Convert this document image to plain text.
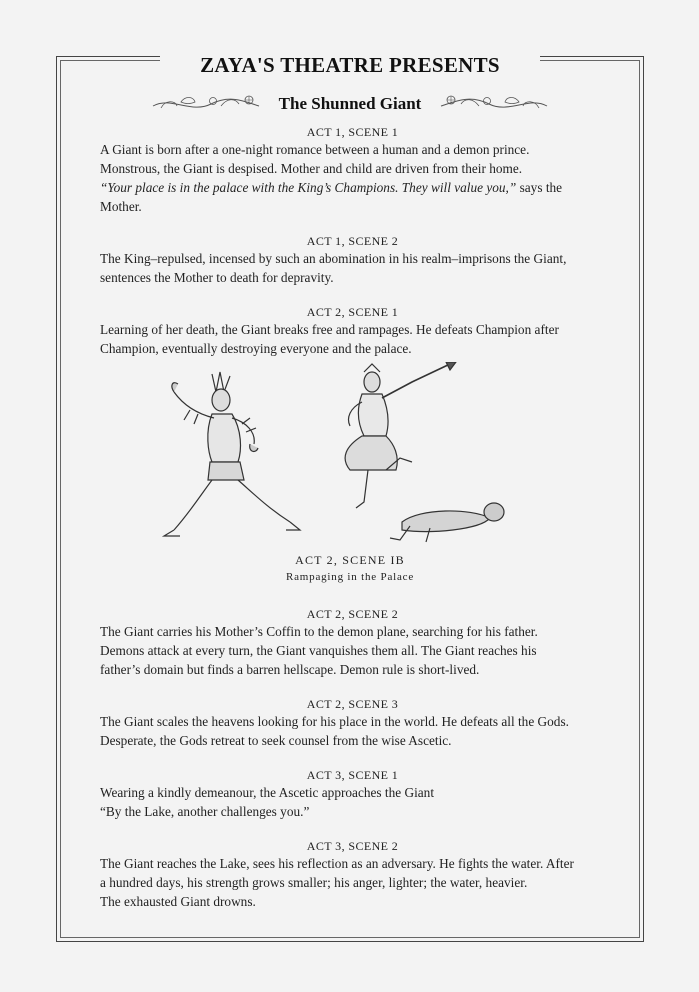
ZAYA'S THEATRE PRESENTS
The Shunned Giant
ACT 1, SCENE 1

A Giant is born after a one-night romance between a human and a demon prince.

Monstrous, the Giant is despised. Mother and child are driven from their home.

“Your place is in the palace with the King’s Champions. They will value you,” says the Mother.

ACT 1, SCENE 2

The King–repulsed, incensed by such an abomination in his realm–imprisons the Giant,

sentences the Mother to death for depravity.

ACT 2, SCENE 1

Learning of her death, the Giant breaks free and rampages. He defeats Champion after

Champion, eventually destroying everyone and the palace.

ACT 2, SCENE IB
Rampaging in the Palace
ACT 2, SCENE 2

The Giant carries his Mother’s Coffin to the demon plane, searching for his father.

Demons attack at every turn, the Giant vanquishes them all. The Giant reaches his

father’s domain but finds a barren hellscape. Demon rule is short-lived.

ACT 2, SCENE 3

The Giant scales the heavens looking for his place in the world. He defeats all the Gods.

Desperate, the Gods retreat to seek counsel from the wise Ascetic.

ACT 3, SCENE 1

Wearing a kindly demeanour, the Ascetic approaches the Giant

“By the Lake, another challenges you.”

ACT 3, SCENE 2

The Giant reaches the Lake, sees his reflection as an adversary. He fights the water. After

a hundred days, his strength grows smaller; his anger, lighter; the water, heavier.

The exhausted Giant drowns.
